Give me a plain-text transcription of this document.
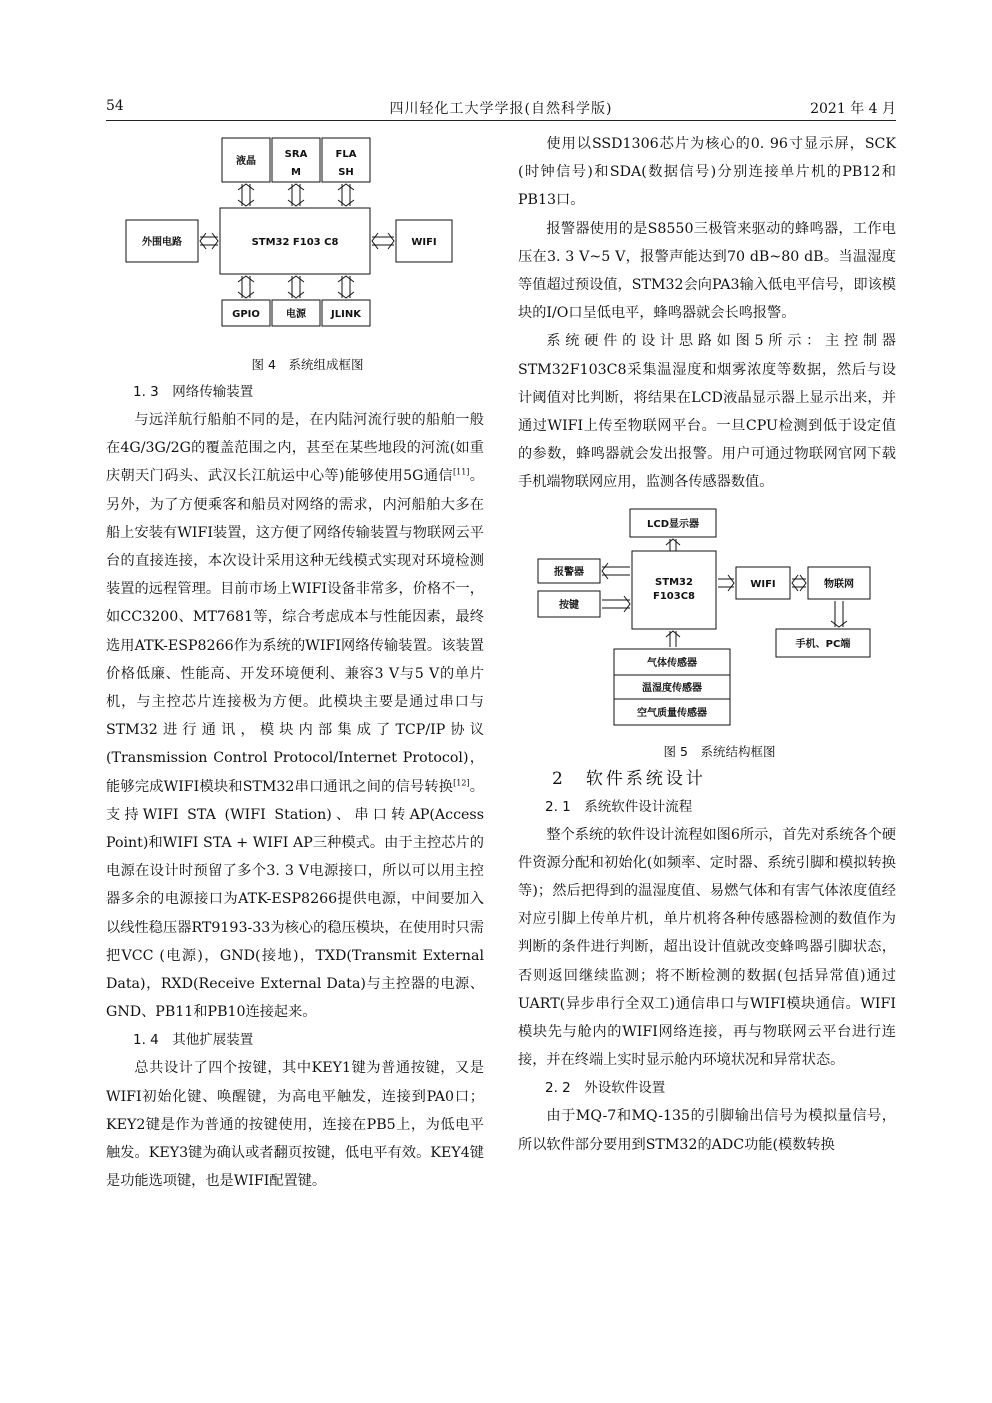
54	四川轻化工大学学报(自然科学版)	2021 年 4 月
液晶
SRA
M
FLA
SH
外围电路	STM32 F103 C8	WIFI
GPIO	电源	JLINK

图 4　系统组成框图

1. 3　网络传输装置

与远洋航行船舶不同的是，在内陆河流行驶的船舶一般在4G/3G/2G的覆盖范围之内，甚至在某些地段的河流(如重庆朝天门码头、武汉长江航运中心等)能够使用5G通信[11]。另外，为了方便乘客和船员对网络的需求，内河船舶大多在船上安装有WIFI装置，这方便了网络传输装置与物联网云平台的直接连接，本次设计采用这种无线模式实现对环境检测装置的远程管理。目前市场上WIFI设备非常多，价格不一，如CC3200、MT7681等，综合考虑成本与性能因素，最终选用ATK-ESP8266作为系统的WIFI网络传输装置。该装置价格低廉、性能高、开发环境便利、兼容3 V与5 V的单片机，与主控芯片连接极为方便。此模块主要是通过串口与STM32进行通讯，模块内部集成了TCP/IP协议(Transmission Control Protocol/Internet Protocol)，能够完成WIFI模块和STM32串口通讯之间的信号转换[12]。支持WIFI STA (WIFI Station)、串口转AP(Access Point)和WIFI STA + WIFI AP三种模式。由于主控芯片的电源在设计时预留了多个3. 3 V电源接口，所以可以用主控器多余的电源接口为ATK-ESP8266提供电源，中间要加入以线性稳压器RT9193-33为核心的稳压模块，在使用时只需把VCC (电源)，GND(接地)，TXD(Transmit External Data)，RXD(Receive External Data)与主控器的电源、GND、PB11和PB10连接起来。

1. 4　其他扩展装置

总共设计了四个按键，其中KEY1键为普通按键，又是WIFI初始化键、唤醒键，为高电平触发，连接到PA0口；KEY2键是作为普通的按键使用，连接在PB5上，为低电平触发。KEY3键为确认或者翻页按键，低电平有效。KEY4键是功能选项键，也是WIFI配置键。

使用以SSD1306芯片为核心的0. 96寸显示屏，SCK (时钟信号)和SDA(数据信号)分别连接单片机的PB12和PB13口。

报警器使用的是S8550三极管来驱动的蜂鸣器，工作电压在3. 3 V~5 V，报警声能达到70 dB~80 dB。当温湿度等值超过预设值，STM32会向PA3输入低电平信号，即该模块的I/O口呈低电平，蜂鸣器就会长鸣报警。

系统硬件的设计思路如图5所示：主控制器STM32F103C8采集温湿度和烟雾浓度等数据，然后与设计阈值对比判断，将结果在LCD液晶显示器上显示出来，并通过WIFI上传至物联网平台。一旦CPU检测到低于设定值的参数，蜂鸣器就会发出报警。用户可通过物联网官网下载手机端物联网应用，监测各传感器数值。

LCD显示器
报警器
按键
STM32
F103C8
WIFI	物联网
手机、PC端
气体传感器
温湿度传感器
空气质量传感器

图 5　系统结构框图

2　软件系统设计

2. 1　系统软件设计流程

整个系统的软件设计流程如图6所示，首先对系统各个硬件资源分配和初始化(如频率、定时器、系统引脚和模拟转换等)；然后把得到的温湿度值、易燃气体和有害气体浓度值经对应引脚上传单片机，单片机将各种传感器检测的数值作为判断的条件进行判断，超出设计值就改变蜂鸣器引脚状态，否则返回继续监测；将不断检测的数据(包括异常值)通过UART(异步串行全双工)通信串口与WIFI模块通信。WIFI模块先与舱内的WIFI网络连接，再与物联网云平台进行连接，并在终端上实时显示舱内环境状况和异常状态。

2. 2　外设软件设置

由于MQ-7和MQ-135的引脚输出信号为模拟量信号，所以软件部分要用到STM32的ADC功能(模数转换
